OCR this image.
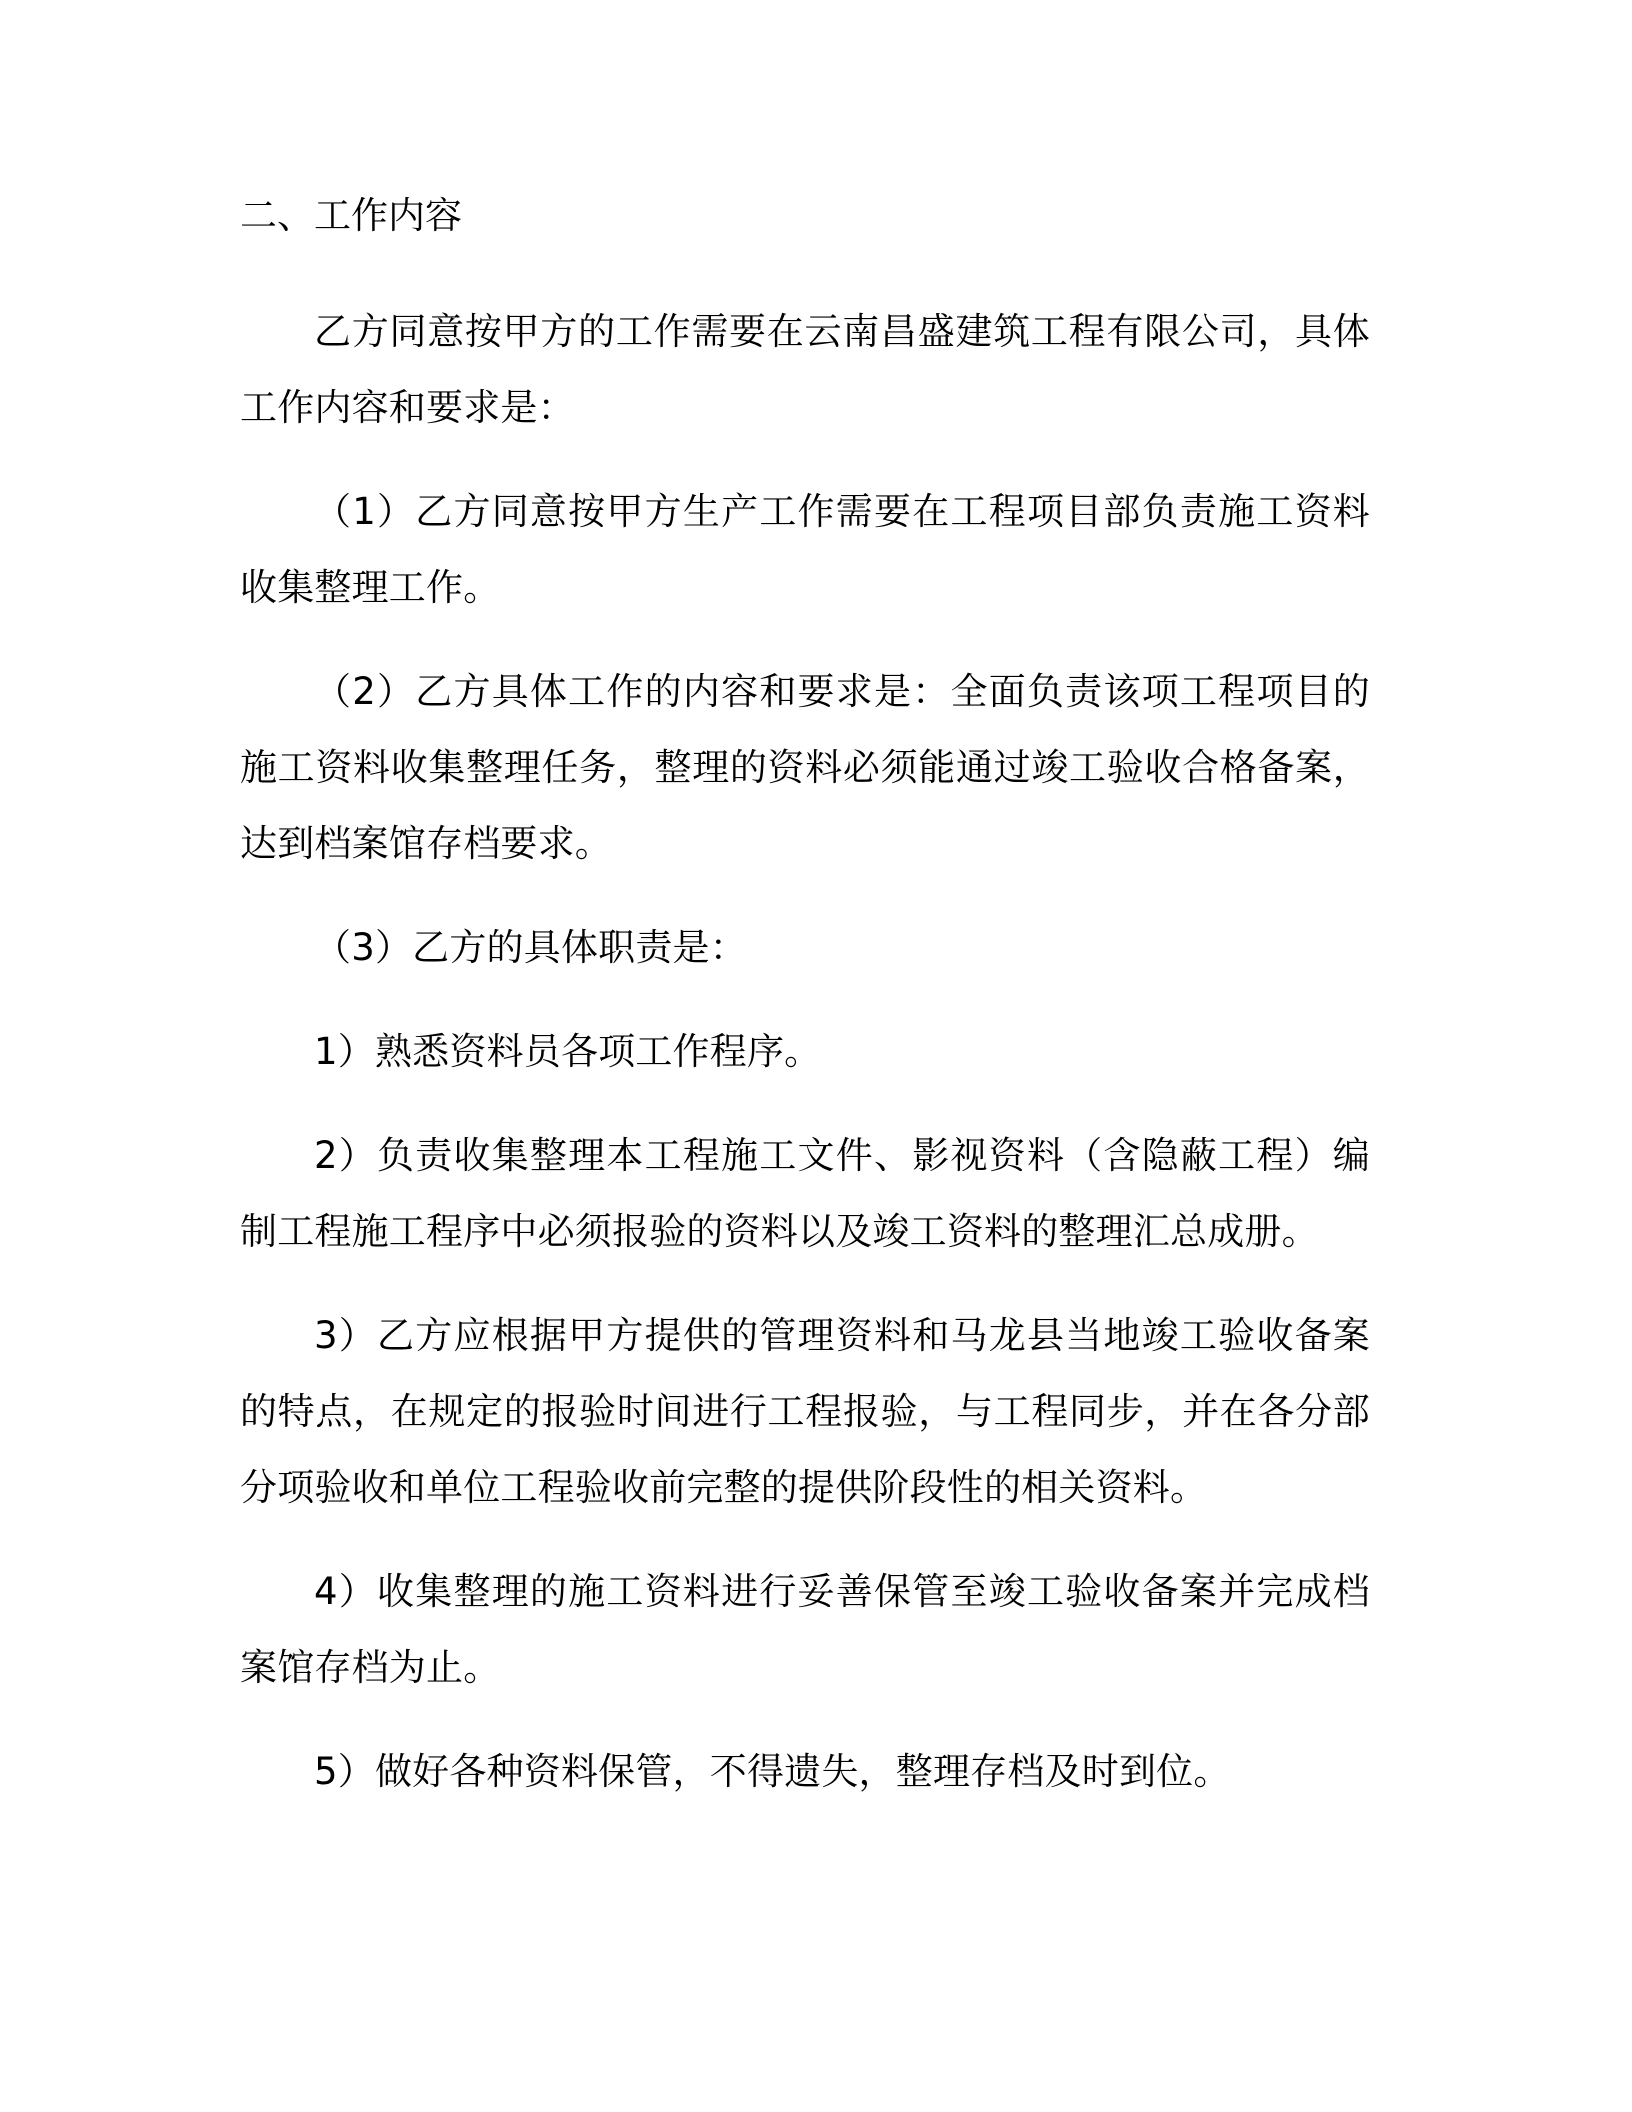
二、工作内容

乙方同意按甲方的工作需要在云南昌盛建筑工程有限公司，具体工作内容和要求是：

（1）乙方同意按甲方生产工作需要在工程项目部负责施工资料收集整理工作。

（2）乙方具体工作的内容和要求是：全面负责该项工程项目的施工资料收集整理任务，整理的资料必须能通过竣工验收合格备案，达到档案馆存档要求。

（3）乙方的具体职责是：

1）熟悉资料员各项工作程序。

2）负责收集整理本工程施工文件、影视资料（含隐蔽工程）编制工程施工程序中必须报验的资料以及竣工资料的整理汇总成册。

3）乙方应根据甲方提供的管理资料和马龙县当地竣工验收备案的特点，在规定的报验时间进行工程报验，与工程同步，并在各分部分项验收和单位工程验收前完整的提供阶段性的相关资料。

4）收集整理的施工资料进行妥善保管至竣工验收备案并完成档案馆存档为止。

5）做好各种资料保管，不得遗失，整理存档及时到位。
